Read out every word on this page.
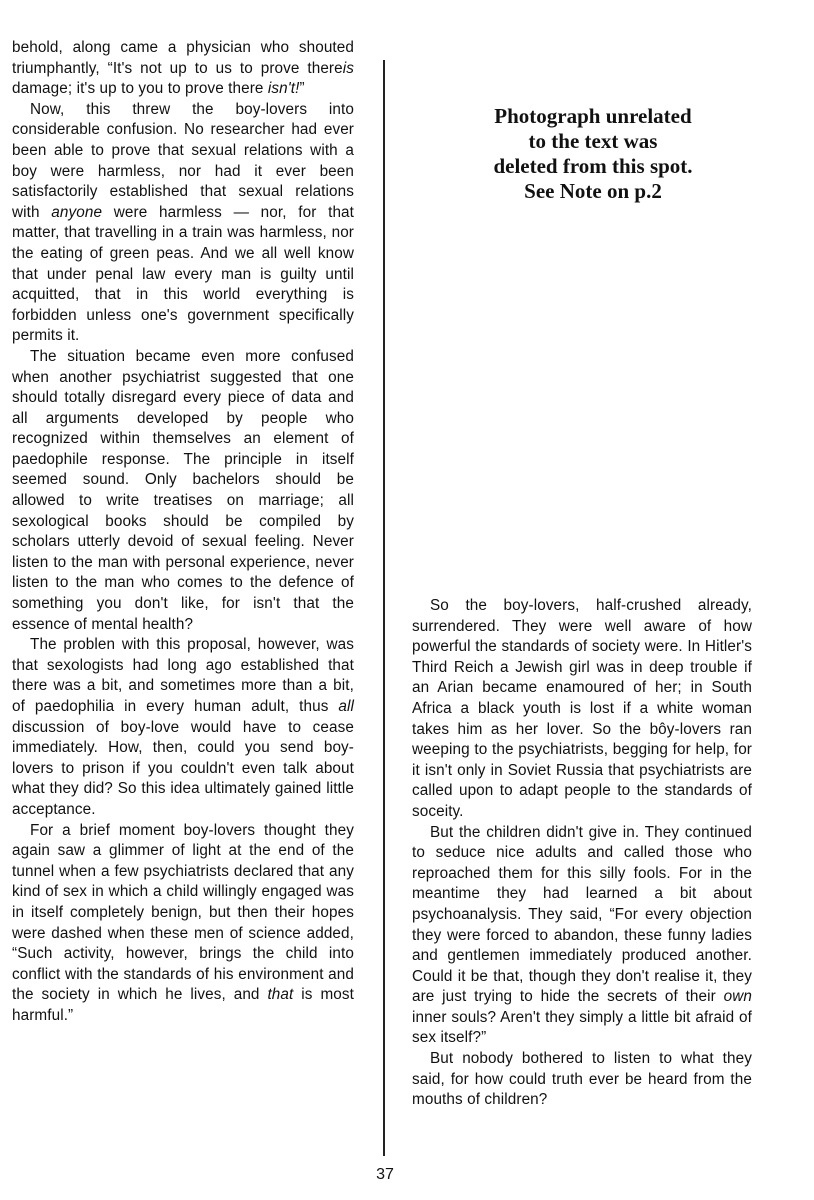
behold, along came a physician who shouted triumphantly, “It's not up to us to prove thereis damage; it's up to you to prove there isn't!”

Now, this threw the boy-lovers into considerable confusion. No researcher had ever been able to prove that sexual relations with a boy were harmless, nor had it ever been satisfactorily established that sexual relations with anyone were harmless — nor, for that matter, that travelling in a train was harmless, nor the eating of green peas. And we all well know that under penal law every man is guilty until acquitted, that in this world everything is forbidden unless one's government specifically permits it.

The situation became even more confused when another psychiatrist suggested that one should totally disregard every piece of data and all arguments developed by people who recognized within themselves an element of paedophile response. The principle in itself seemed sound. Only bachelors should be allowed to write treatises on marriage; all sexological books should be compiled by scholars utterly devoid of sexual feeling. Never listen to the man with personal experience, never listen to the man who comes to the defence of something you don't like, for isn't that the essence of mental health?

The problen with this proposal, however, was that sexologists had long ago established that there was a bit, and sometimes more than a bit, of paedophilia in every human adult, thus all discussion of boy-love would have to cease immediately. How, then, could you send boy-lovers to prison if you couldn't even talk about what they did? So this idea ultimately gained little acceptance.

For a brief moment boy-lovers thought they again saw a glimmer of light at the end of the tunnel when a few psychiatrists declared that any kind of sex in which a child willingly engaged was in itself completely benign, but then their hopes were dashed when these men of science added, “Such activity, however, brings the child into conflict with the standards of his environment and the society in which he lives, and that is most harmful.”

Photograph unrelated
to the text was
deleted from this spot.
See Note on p.2

So the boy-lovers, half-crushed already, surrendered. They were well aware of how powerful the standards of society were. In Hitler's Third Reich a Jewish girl was in deep trouble if an Arian became enamoured of her; in South Africa a black youth is lost if a white woman takes him as her lover. So the bôy-lovers ran weeping to the psychiatrists, begging for help, for it isn't only in Soviet Russia that psychiatrists are called upon to adapt people to the standards of soceity.

But the children didn't give in. They continued to seduce nice adults and called those who reproached them for this silly fools. For in the meantime they had learned a bit about psychoanalysis. They said, “For every objection they were forced to abandon, these funny ladies and gentlemen immediately produced another. Could it be that, though they don't realise it, they are just trying to hide the secrets of their own inner souls? Aren't they simply a little bit afraid of sex itself?”

But nobody bothered to listen to what they said, for how could truth ever be heard from the mouths of children?

37
